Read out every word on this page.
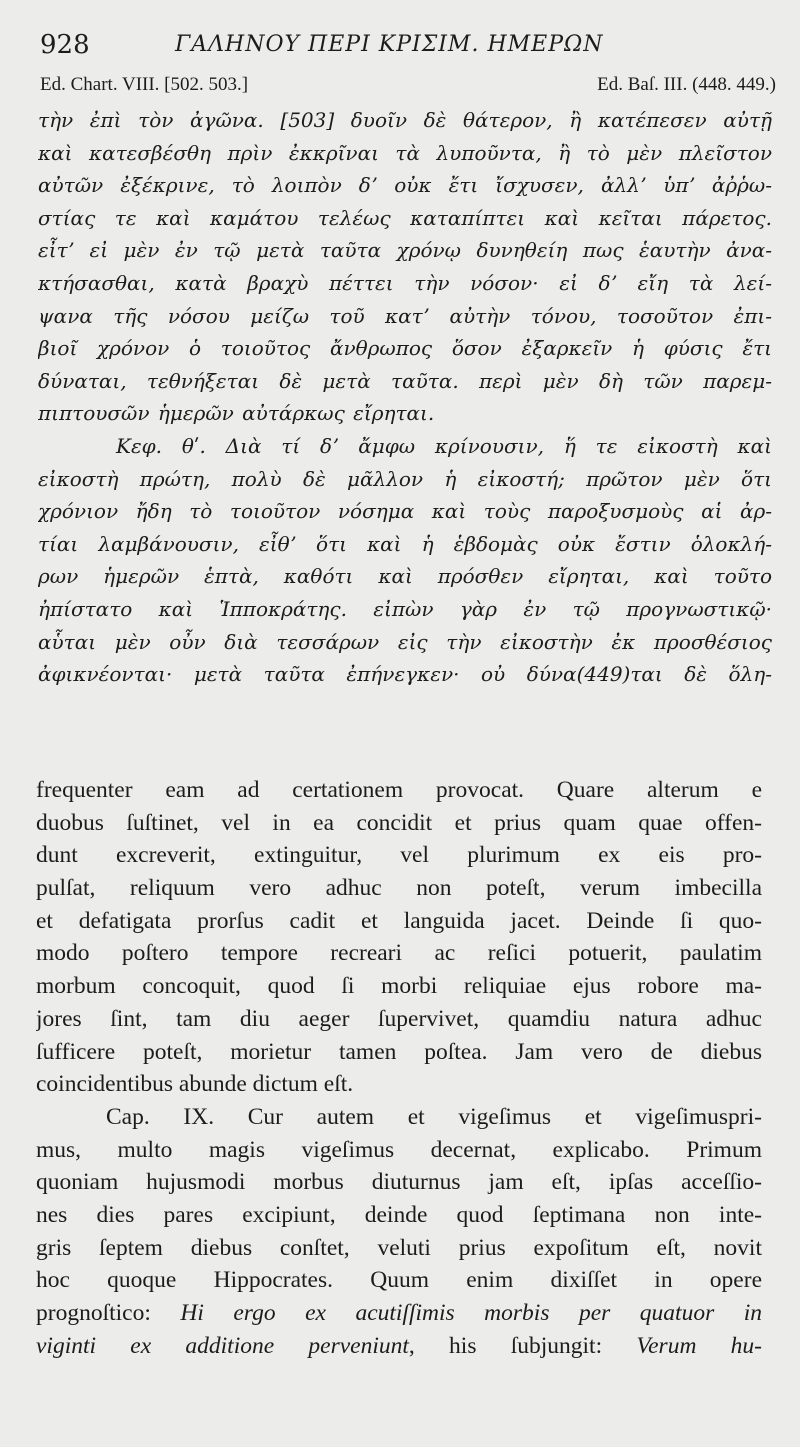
928	ΓΑΛΗΝΟΥ ΠΕΡΙ ΚΡΙΣΙΜ. ΗΜΕΡΩΝ
Ed. Chart. VIII. [502. 503.]	Ed. Baſ. III. (448. 449.)
τὴν ἐπὶ τὸν ἀγῶνα. [503] δυοῖν δὲ θάτερον, ἢ κατέπεσεν αὐτῇ
καὶ κατεσβέσθη πρὶν ἐκκρῖναι τὰ λυποῦντα, ἢ τὸ μὲν πλεῖστον
αὐτῶν ἐξέκρινε, τὸ λοιπὸν δʼ οὐκ ἔτι ἴσχυσεν, ἀλλʼ ὑπʼ ἀῤῥω-
στίας τε καὶ καμάτου τελέως καταπίπτει καὶ κεῖται πάρετος.
εἶτʼ εἰ μὲν ἐν τῷ μετὰ ταῦτα χρόνῳ δυνηθείη πως ἑαυτὴν ἀνα-
κτήσασθαι, κατὰ βραχὺ πέττει τὴν νόσον· εἰ δʼ εἴη τὰ λεί-
ψανα τῆς νόσου μείζω τοῦ κατʼ αὐτὴν τόνου, τοσοῦτον ἐπι-
βιοῖ χρόνον ὁ τοιοῦτος ἄνθρωπος ὅσον ἐξαρκεῖν ἡ φύσις ἔτι
δύναται, τεθνήξεται δὲ μετὰ ταῦτα. περὶ μὲν δὴ τῶν παρεμ-
πιπτουσῶν ἡμερῶν αὐτάρκως εἴρηται.
Κεφ. θʹ. Διὰ τί δʼ ἄμφω κρίνουσιν, ἥ τε εἰκοστὴ καὶ
εἰκοστὴ πρώτη, πολὺ δὲ μᾶλλον ἡ εἰκοστή; πρῶτον μὲν ὅτι
χρόνιον ἤδη τὸ τοιοῦτον νόσημα καὶ τοὺς παροξυσμοὺς αἱ ἀρ-
τίαι λαμβάνουσιν, εἶθʼ ὅτι καὶ ἡ ἑβδομὰς οὐκ ἔστιν ὁλοκλή-
ρων ἡμερῶν ἑπτὰ, καθότι καὶ πρόσθεν εἴρηται, καὶ τοῦτο
ἠπίστατο καὶ Ἱπποκράτης. εἰπὼν γὰρ ἐν τῷ προγνωστικῷ·
αὗται μὲν οὖν διὰ τεσσάρων εἰς τὴν εἰκοστὴν ἐκ προσθέσιος
ἀφικνέονται· μετὰ ταῦτα ἐπήνεγκεν· οὐ δύνα(449)ται δὲ ὅλη-
frequenter eam ad certationem provocat. Quare alterum e
duobus ſuſtinet, vel in ea concidit et prius quam quae offen-
dunt excreverit, extinguitur, vel plurimum ex eis pro-
pulſat, reliquum vero adhuc non poteſt, verum imbecilla
et defatigata prorſus cadit et languida jacet. Deinde ſi quo-
modo poſtero tempore recreari ac reſici potuerit, paulatim
morbum concoquit, quod ſi morbi reliquiae ejus robore ma-
jores ſint, tam diu aeger ſupervivet, quamdiu natura adhuc
ſufficere poteſt, morietur tamen poſtea. Jam vero de diebus
coincidentibus abunde dictum eſt.
Cap. IX. Cur autem et vigeſimus et vigeſimuspri-
mus, multo magis vigeſimus decernat, explicabo. Primum
quoniam hujusmodi morbus diuturnus jam eſt, ipſas acceſſio-
nes dies pares excipiunt, deinde quod ſeptimana non inte-
gris ſeptem diebus conſtet, veluti prius expoſitum eſt, novit
hoc quoque Hippocrates. Quum enim dixiſſet in opere
prognoſtico: Hi ergo ex acutiſſimis morbis per quatuor in
viginti ex additione perveniunt, his ſubjungit: Verum hu-
